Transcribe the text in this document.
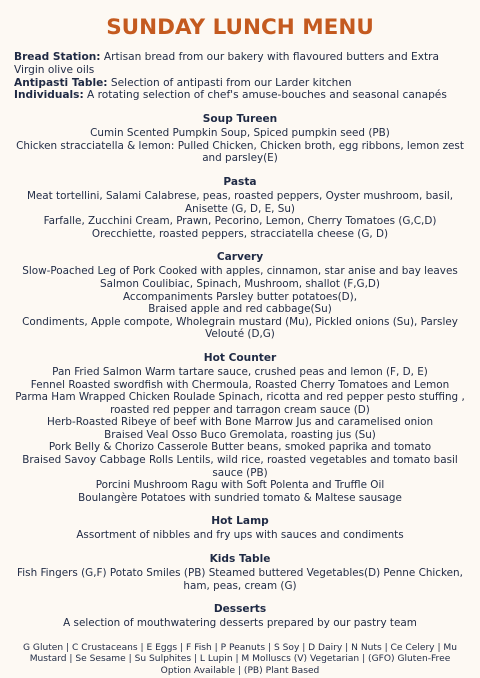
SUNDAY LUNCH MENU

Bread Station: Artisan bread from our bakery with flavoured butters and Extra Virgin olive oils

Antipasti Table: Selection of antipasti from our Larder kitchen

Individuals: A rotating selection of chef's amuse-bouches and seasonal canapés

Soup Tureen

Cumin Scented Pumpkin Soup, Spiced pumpkin seed (PB)

Chicken stracciatella & lemon: Pulled Chicken, Chicken broth, egg ribbons, lemon zest and parsley(E)

Pasta

Meat tortellini, Salami Calabrese, peas, roasted peppers, Oyster mushroom, basil, Anisette (G, D, E, Su)

Farfalle, Zucchini Cream, Prawn, Pecorino, Lemon, Cherry Tomatoes (G,C,D)

Orecchiette, roasted peppers, stracciatella cheese (G, D)

Carvery

Slow-Poached Leg of Pork Cooked with apples, cinnamon, star anise and bay leaves

Salmon Coulibiac, Spinach, Mushroom, shallot (F,G,D)

Accompaniments Parsley butter potatoes(D),

Braised apple and red cabbage(Su)

Condiments, Apple compote, Wholegrain mustard (Mu), Pickled onions (Su), Parsley Velouté (D,G)

Hot Counter

Pan Fried Salmon Warm tartare sauce, crushed peas and lemon (F, D, E)

Fennel Roasted swordfish with Chermoula, Roasted Cherry Tomatoes and Lemon

Parma Ham Wrapped Chicken Roulade Spinach, ricotta and red pepper pesto stuffing , roasted red pepper and tarragon cream sauce (D)

Herb-Roasted Ribeye of beef with Bone Marrow Jus and caramelised onion

Braised Veal Osso Buco Gremolata, roasting jus (Su)

Pork Belly & Chorizo Casserole Butter beans, smoked paprika and tomato

Braised Savoy Cabbage Rolls Lentils, wild rice, roasted vegetables and tomato basil sauce (PB)

Porcini Mushroom Ragu with Soft Polenta and Truffle Oil

Boulangère Potatoes with sundried tomato & Maltese sausage

Hot Lamp

Assortment of nibbles and fry ups with sauces and condiments

Kids Table

Fish Fingers (G,F) Potato Smiles (PB) Steamed buttered Vegetables(D) Penne Chicken, ham, peas, cream (G)

Desserts

A selection of mouthwatering desserts prepared by our pastry team

G Gluten | C Crustaceans | E Eggs | F Fish | P Peanuts | S Soy | D Dairy | N Nuts | Ce Celery | Mu Mustard | Se Sesame | Su Sulphites | L Lupin | M Molluscs (V) Vegetarian | (GFO) Gluten-Free Option Available | (PB) Plant Based
